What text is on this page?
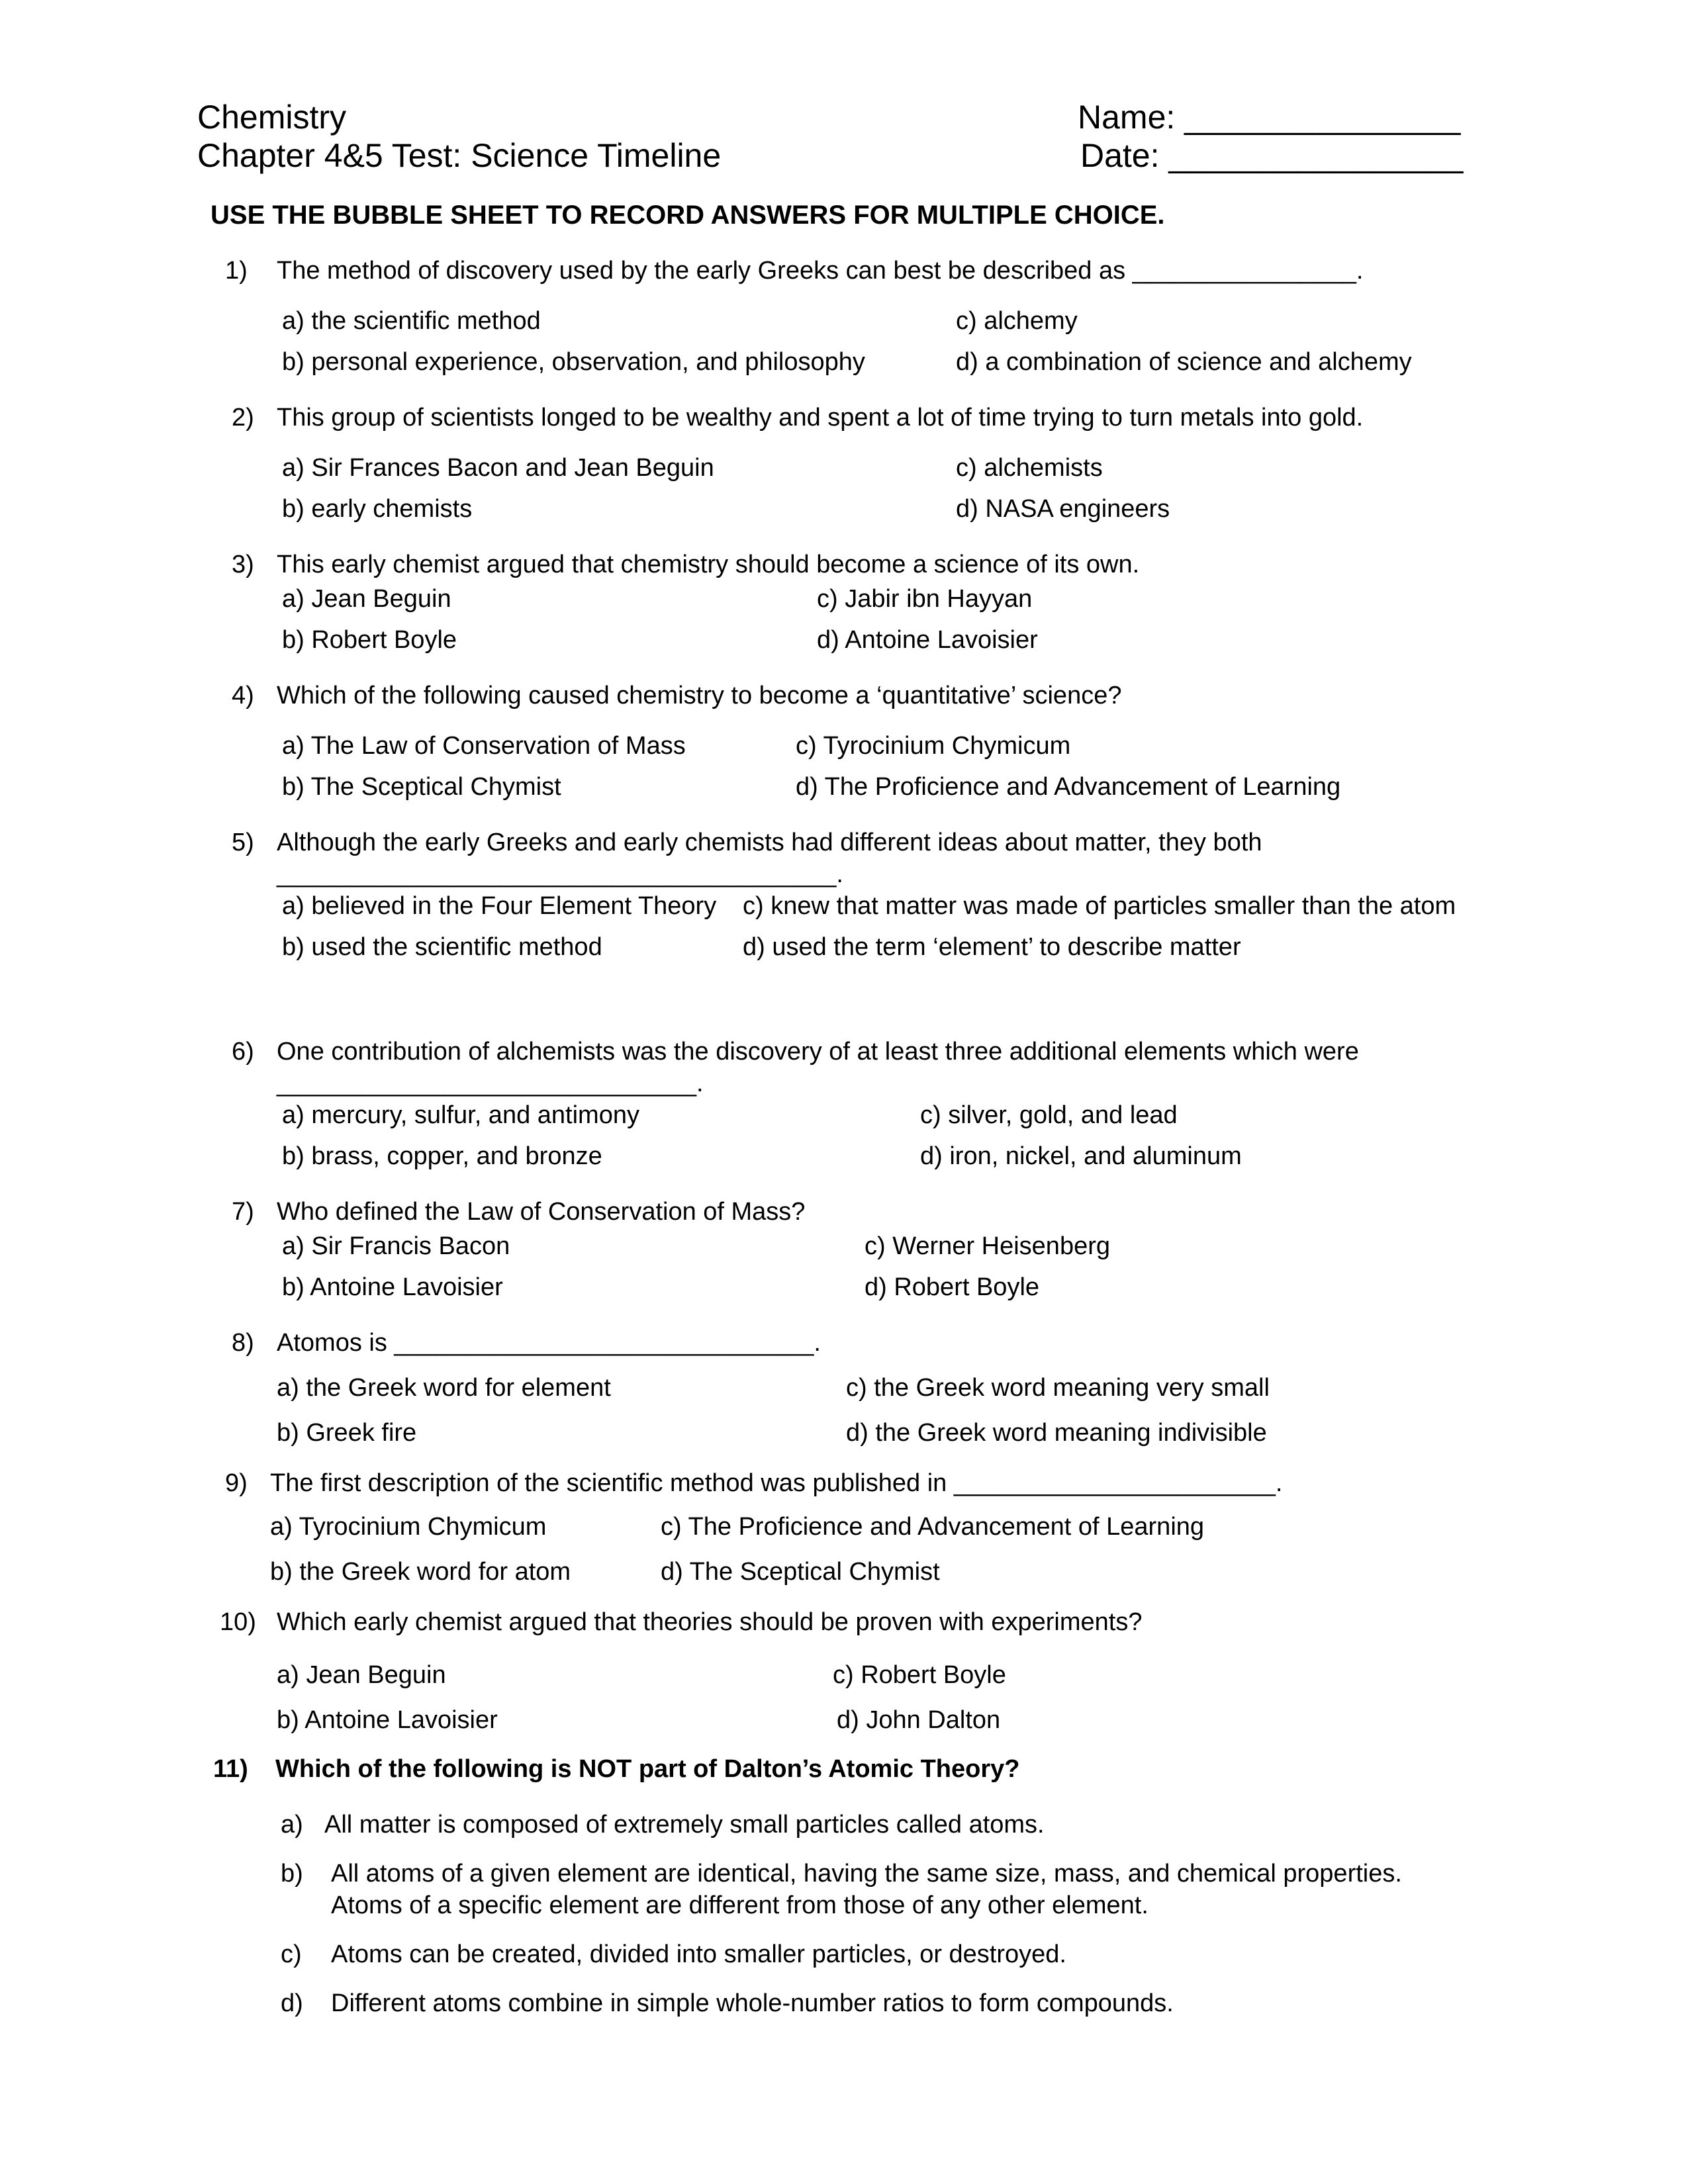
Chemistry
Chapter 4&5 Test: Science Timeline
Name: _______________
Date: ________________
USE THE BUBBLE SHEET TO RECORD ANSWERS FOR MULTIPLE CHOICE.
1) The method of discovery used by the early Greeks can best be described as ________________.
a) the scientific method
b) personal experience, observation, and philosophy
c) alchemy
d) a combination of science and alchemy
2) This group of scientists longed to be wealthy and spent a lot of time trying to turn metals into gold.
a) Sir Frances Bacon and Jean Beguin
b) early chemists
c) alchemists
d) NASA engineers
3) This early chemist argued that chemistry should become a science of its own.
a) Jean Beguin
b) Robert Boyle
c) Jabir ibn Hayyan
d) Antoine Lavoisier
4) Which of the following caused chemistry to become a ‘quantitative’ science?
a) The Law of Conservation of Mass
b) The Sceptical Chymist
c) Tyrocinium Chymicum
d) The Proficience and Advancement of Learning
5) Although the early Greeks and early chemists had different ideas about matter, they both
________________________________________.
a) believed in the Four Element Theory
b) used the scientific method
c) knew that matter was made of particles smaller than the atom
d) used the term ‘element’ to describe matter
6) One contribution of alchemists was the discovery of at least three additional elements which were
______________________________.
a) mercury, sulfur, and antimony
b) brass, copper, and bronze
c) silver, gold, and lead
d) iron, nickel, and aluminum
7) Who defined the Law of Conservation of Mass?
a) Sir Francis Bacon
b) Antoine Lavoisier
c) Werner Heisenberg
d) Robert Boyle
8) Atomos is ______________________________.
a) the Greek word for element
b) Greek fire
c) the Greek word meaning very small
d) the Greek word meaning indivisible
9) The first description of the scientific method was published in _______________________.
a) Tyrocinium Chymicum
b) the Greek word for atom
c) The Proficience and Advancement of Learning
d) The Sceptical Chymist
10) Which early chemist argued that theories should be proven with experiments?
a) Jean Beguin
b) Antoine Lavoisier
c) Robert Boyle
d) John Dalton
11) Which of the following is NOT part of Dalton’s Atomic Theory?
a) All matter is composed of extremely small particles called atoms.
b) All atoms of a given element are identical, having the same size, mass, and chemical properties.
Atoms of a specific element are different from those of any other element.
c) Atoms can be created, divided into smaller particles, or destroyed.
d) Different atoms combine in simple whole-number ratios to form compounds.
